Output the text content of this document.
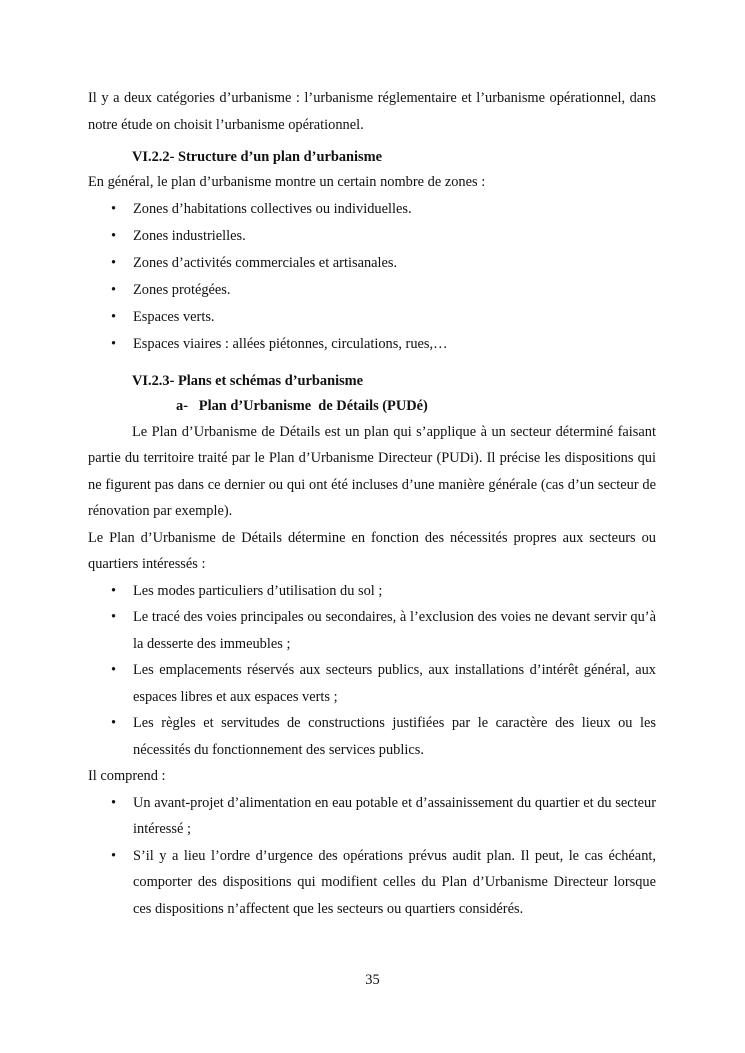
Il y a deux catégories d’urbanisme : l’urbanisme réglementaire et l’urbanisme opérationnel, dans notre étude on choisit l’urbanisme opérationnel.

VI.2.2- Structure d’un plan d’urbanisme

En général, le plan d’urbanisme montre un certain nombre de zones :

• Zones d’habitations collectives ou individuelles.
• Zones industrielles.
• Zones d’activités commerciales et artisanales.
• Zones protégées.
• Espaces verts.
• Espaces viaires : allées piétonnes, circulations, rues,…

VI.2.3- Plans et schémas d’urbanisme

a-   Plan d’Urbanisme  de Détails (PUDé)

Le Plan d’Urbanisme de Détails est un plan qui s’applique à un secteur déterminé faisant partie du territoire traité par le Plan d’Urbanisme Directeur (PUDi). Il précise les dispositions qui ne figurent pas dans ce dernier ou qui ont été incluses d’une manière générale (cas d’un secteur de rénovation par exemple).

Le Plan d’Urbanisme de Détails détermine en fonction des nécessités propres aux secteurs ou quartiers intéressés :

• Les modes particuliers d’utilisation du sol ;
• Le tracé des voies principales ou secondaires, à l’exclusion des voies ne devant servir qu’à la desserte des immeubles ;
• Les emplacements réservés aux secteurs publics, aux installations d’intérêt général, aux espaces libres et aux espaces verts ;
• Les règles et servitudes de constructions justifiées par le caractère des lieux ou les nécessités du fonctionnement des services publics.

Il comprend :

• Un avant-projet d’alimentation en eau potable et d’assainissement du quartier et du secteur intéressé ;
• S’il y a lieu l’ordre d’urgence des opérations prévus audit plan. Il peut, le cas échéant, comporter des dispositions qui modifient celles du Plan d’Urbanisme Directeur lorsque ces dispositions n’affectent que les secteurs ou quartiers considérés.
35
